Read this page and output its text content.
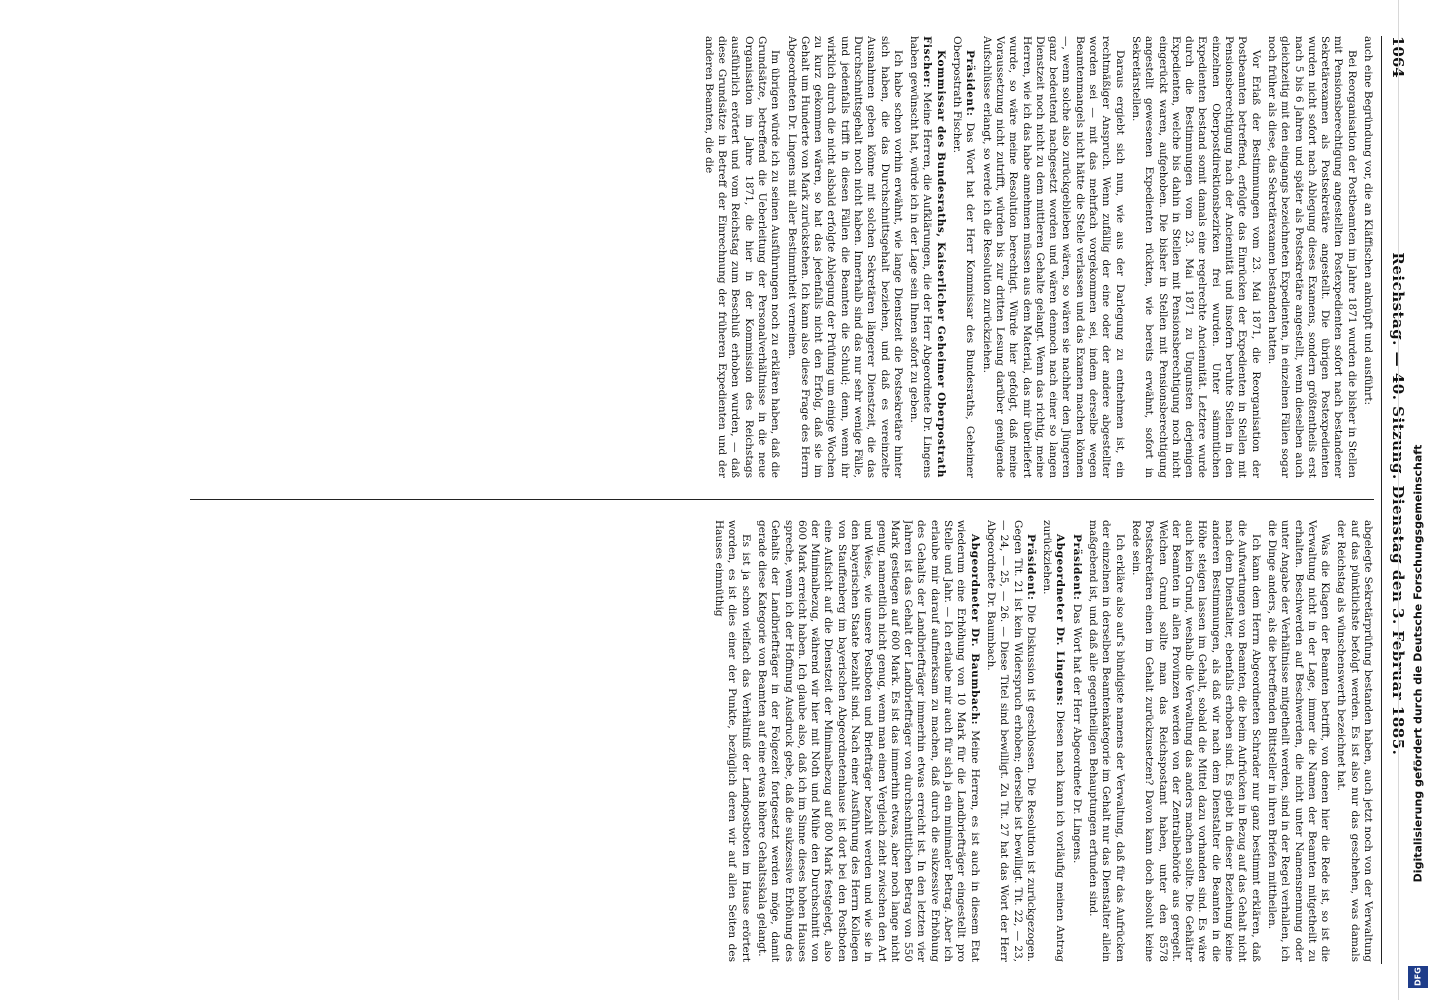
1064
Reichstag. — 40. Sitzung. Dienstag den 3. Februar 1885.

auch eine Begründung vor, die an Kläffischen anknüpft und ausführt:

Bei Reorganisation der Postbeamten im Jahre 1871 wurden die bisher in Stellen mit Pensionsberechtigung angestellten Postexpedienten sofort nach bestandener Sekretärexamen als Postsekretäre angestellt. Die übrigen Postexpedienten wurden nicht sofort nach Ablegung dieses Examens, sondern größtentheils erst nach 5 bis 6 Jahren und später als Postsekretäre angestellt, wenn dieselben auch gleichzeitig mit den eingangs bezeichneten Expedienten, in einzelnen Fällen sogar noch früher als diese, das Sekretärexamen bestanden hatten.

Vor Erlaß der Bestimmungen vom 23. Mai 1871, die Reorganisation der Postbeamten betreffend, erfolgte das Einrücken der Expedienten in Stellen mit Pensionsberechtigung nach der Anciennität und insofern beruhte Stellen in den einzelnen Oberpostdirektionsbezirken frei wurden. Unter sämmtlichen Expedienten bestand somit damals eine regelrechte Anciennität. Letztere wurde durch die Bestimmungen vom 23. Mai 1871 zu Ungunsten derjenigen Expedienten, welche bis dahin in Stellen mit Pensionsberechtigung noch nicht eingerückt waren, aufgehoben. Die bisher in Stellen mit Pensionsberechtigung angestellt gewesenen Expedienten rückten, wie bereits erwähnt, sofort in Sekretärstellen.

Daraus ergiebt sich nun, wie aus der Darlegung zu entnehmen ist, ein rechtmäßiger Anspruch. Wenn zufällig der eine oder der andere abgestellter worden sei — mit das mehrfach vorgekommen sei, indem derselbe wegen Beamtenmangels nicht hätte die Stelle verlassen und das Examen machen können —, wenn solche also zurückgeblieben wären, so wären sie nachher den Jüngeren ganz bedeutend nachgesetzt worden und wären dennoch nach einer so langen Dienstzeit noch nicht zu dem mittleren Gehalte gelangt. Wenn das richtig, meine Herren, wie ich das habe annehmen müssen aus dem Material, das mir überliefert wurde, so wäre meine Resolution berechtigt. Würde hier gefolgt, daß meine Voraussetzung nicht zutrifft, würden bis zur dritten Lesung darüber genügende Aufschlüsse erlangt, so werde ich die Resolution zurückziehen.

Präsident: Das Wort hat der Herr Kommissar des Bundesraths, Geheimer Oberpostrath Fischer.

Kommissar des Bundesraths, Kaiserlicher Geheimer Oberpostrath Fischer: Meine Herren, die Aufklärungen, die der Herr Abgeordnete Dr. Lingens haben gewünscht hat, würde ich in der Lage sein Ihnen sofort zu geben.

Ich habe schon vorhin erwähnt, wie lange Dienstzeit die Postsekretäre hinter sich haben, die das Durchschnittsgehalt beziehen, und daß es vereinzelte Ausnahmen geben könne mit solchen Sekretären längerer Dienstzeit, die das Durchschnittsgehalt noch nicht haben. Innerhalb sind das nur sehr wenige Fälle, und jedenfalls trifft in diesen Fällen die Beamten die Schuld; denn, wenn ihr wirklich durch die nicht alsbald erfolgte Ablegung der Prüfung um einige Wochen zu kurz gekommen wären, so hat das jedenfalls nicht den Erfolg, daß sie im Gehalt um Hunderte von Mark zurückstehen. Ich kann also diese Frage des Herrn Abgeordneten Dr. Lingens mit aller Bestimmtheit verneinen.

Im übrigen würde ich zu seinen Ausführungen noch zu erklären haben, daß die Grundsätze, betreffend die Ueberleitung der Personalverhältnisse in die neue Organisation im Jahre 1871, die hier in der Kommission des Reichstags ausführlich erörtert und vom Reichstag zum Beschluß erhoben wurden, — daß diese Grundsätze in Betreff der Einrechnung der früheren Expedienten und der anderen Beamten, die die

abgelegte Sekretärprüfung bestanden haben, auch jetzt noch von der Verwaltung auf das pünktlichste befolgt werden. Es ist also nur das geschehen, was damals der Reichstag als wünschenswerth bezeichnet hat.

Was die Klagen der Beamten betrifft, von denen hier die Rede ist, so ist die Verwaltung nicht in der Lage, immer die Namen der Beamten mitgetheilt zu erhalten. Beschwerden auf Beschwerden, die nicht unter Namensnennung oder unter Angabe der Verhältnisse mitgetheilt werden, sind in der Regel verhallen, ich die Dinge anders, als die betreffenden Bittsteller in ihren Briefen mittheilen.

Ich kann dem Herrn Abgeordneten Schrader nur ganz bestimmt erklären, daß die Aufwartungen von Beamten, die beim Aufrücken in Bezug auf das Gehalt nicht nach dem Dienstalter, ebenfalls erhoben sind. Es giebt in dieser Beziehung keine anderen Bestimmungen, als daß wir nach dem Dienstalter die Beamten in die Höhe steigen lassen im Gehalt, sobald die Mittel dazu vorhanden sind. Es wäre auch kein Grund, weshalb die Verwaltung das anders machen sollte. Die Gehälter der Beamten in allen Provinzen werden von der Zentralbehörde aus geregelt. Welchen Grund sollte man das Reichspostamt haben, unter den 8578 Postsekretären einen im Gehalt zurückzusetzen? Davon kann doch absolut keine Rede sein.

Ich erkläre also auf's bündigste namens der Verwaltung, daß für das Aufrücken der einzelnen in derselben Beamtenkategorie im Gehalt nur das Dienstalter allein maßgebend ist, und daß alle gegentheiligen Behauptungen erfunden sind.

Präsident: Das Wort hat der Herr Abgeordnete Dr. Lingens.

Abgeordneter Dr. Lingens: Diesen nach kann ich vorläufig meinen Antrag zurückziehen.

Präsident: Die Diskussion ist geschlossen. Die Resolution ist zurückgezogen. Gegen Tit. 21 ist kein Widerspruch erhoben; derselbe ist bewilligt. Tit. 22, — 23, — 24, — 25, — 26. — Diese Titel sind bewilligt. Zu Tit. 27 hat das Wort der Herr Abgeordnete Dr. Baumbach.

Abgeordneter Dr. Baumbach: Meine Herren, es ist auch in diesem Etat wiederum eine Erhöhung von 10 Mark für die Landbriefträger eingestellt pro Stelle und Jahr. — Ich erlaube mir auch für sich ja ein minimaler Betrag. Aber ich erlaube mir darauf aufmerksam zu machen, daß durch die sukzessive Erhöhung des Gehalts der Landbriefträger immerhin etwas erreicht ist. In den letzten vier Jahren ist das Gehalt der Landbriefträger von durchschnittlichen Betrag von 550 Mark gestiegen auf 600 Mark. Es ist das immerhin etwas, aber noch lange nicht genug, namentlich nicht genug, wenn man einen Vergleich zieht zwischen den Art und Weise, wie unsere Postboten und Briefträger bezahlt werden und wie sie in den bayerischen Staate bezahlt sind. Nach einer Ausführung des Herrn Kollegen von Stauffenberg im bayerischen Abgeordnetenhause ist dort bei den Postboten eine Aufsicht auf die Dienstzeit der Minimalbezug auf 800 Mark festgelegt, also der Minimalbezug, während wir hier mit Noth und Mühe den Durchschnitt von 600 Mark erreicht haben. Ich glaube also, daß ich im Sinne dieses hohen Hauses spreche, wenn ich der Hoffnung Ausdruck gebe, daß die sukzessive Erhöhung des Gehalts der Landbriefträger in der Folgezeit fortgesetzt werden möge, damit gerade diese Kategorie von Beamten auf eine etwas höhere Gehaltsskala gelangt.

Es ist ja schon vielfach das Verhältniß der Landpostboten im Hause erörtert worden, es ist dies einer der Punkte, bezüglich deren wir auf allen Seiten des Hauses einmüthig	Digitalisierung gefördert durch die Deutsche Forschungsgemeinschaft
DFG
